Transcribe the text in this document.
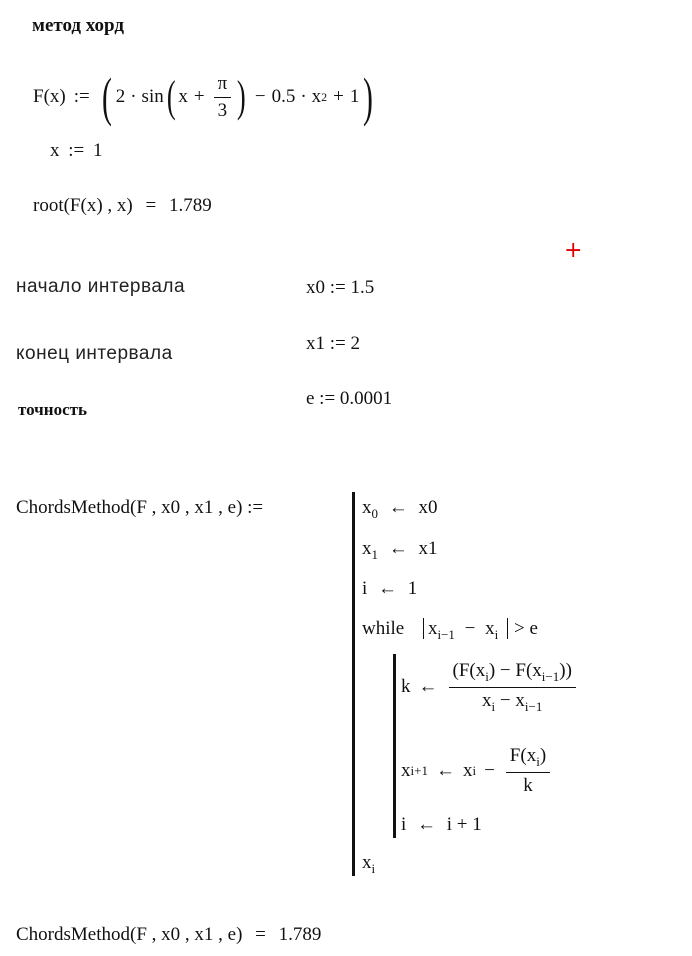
метод хорд
F(x) := ( 2 · sin ( $x + \frac{\pi}{3}$ ) − 0.5 · x 2 + 1 )
x := 1
root(F(x) , x) = 1.789
+
начало интервала	x0 := 1.5
конец интервала	x1 := 2
точность
e := 0.0001
ChordsMethod(F , x0 , x1 , e) :=	$x_0$ ← x0
$x_1$ ← x1
i ← 1
while $x_{i-1} - x_i > e$
k ← $\frac{(F(x_i) - F(x_{i-1}))}{x_i - x_{i-1}}$
x i+1 ← x $i - \frac{F(x_i)}{k}$
i ← i + 1
$x_i$
ChordsMethod(F , x0 , x1 , e) = 1.789
